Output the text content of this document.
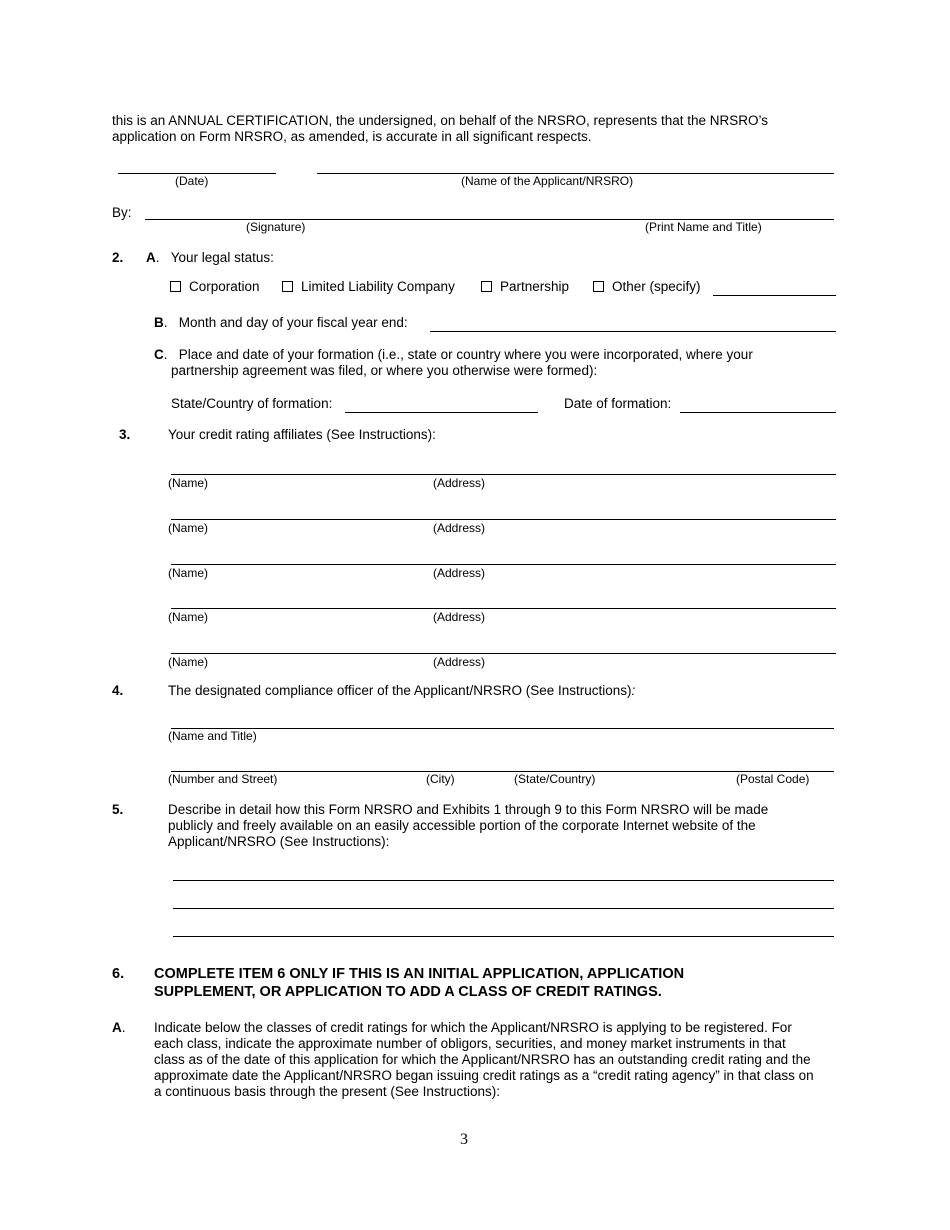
this is an ANNUAL CERTIFICATION, the undersigned, on behalf of the NRSRO, represents that the NRSRO’s
application on Form NRSRO, as amended, is accurate in all significant respects.
(Date)	(Name of the Applicant/NRSRO)
By:
(Signature)	(Print Name and Title)
2. A.   Your legal status:
Corporation	Limited Liability Company	Partnership	Other (specify)
B.   Month and day of your fiscal year end:
C.   Place and date of your formation (i.e., state or country where you were incorporated, where your
partnership agreement was filed, or where you otherwise were formed):
State/Country of formation:	Date of formation:
3.	Your credit rating affiliates (See Instructions):
(Name)	(Address)
(Name)	(Address)
(Name)	(Address)
(Name)	(Address)
(Name)	(Address)
4.	The designated compliance officer of the Applicant/NRSRO (See Instructions):
(Name and Title)
(Number and Street)	(City)	(State/Country)	(Postal Code)
5.	Describe in detail how this Form NRSRO and Exhibits 1 through 9 to this Form NRSRO will be made
publicly and freely available on an easily accessible portion of the corporate Internet website of the
Applicant/NRSRO (See Instructions):
6. COMPLETE ITEM 6 ONLY IF THIS IS AN INITIAL APPLICATION, APPLICATION
SUPPLEMENT, OR APPLICATION TO ADD A CLASS OF CREDIT RATINGS.
A. Indicate below the classes of credit ratings for which the Applicant/NRSRO is applying to be registered. For
each class, indicate the approximate number of obligors, securities, and money market instruments in that
class as of the date of this application for which the Applicant/NRSRO has an outstanding credit rating and the
approximate date the Applicant/NRSRO began issuing credit ratings as a “credit rating agency” in that class on
a continuous basis through the present (See Instructions):
3
